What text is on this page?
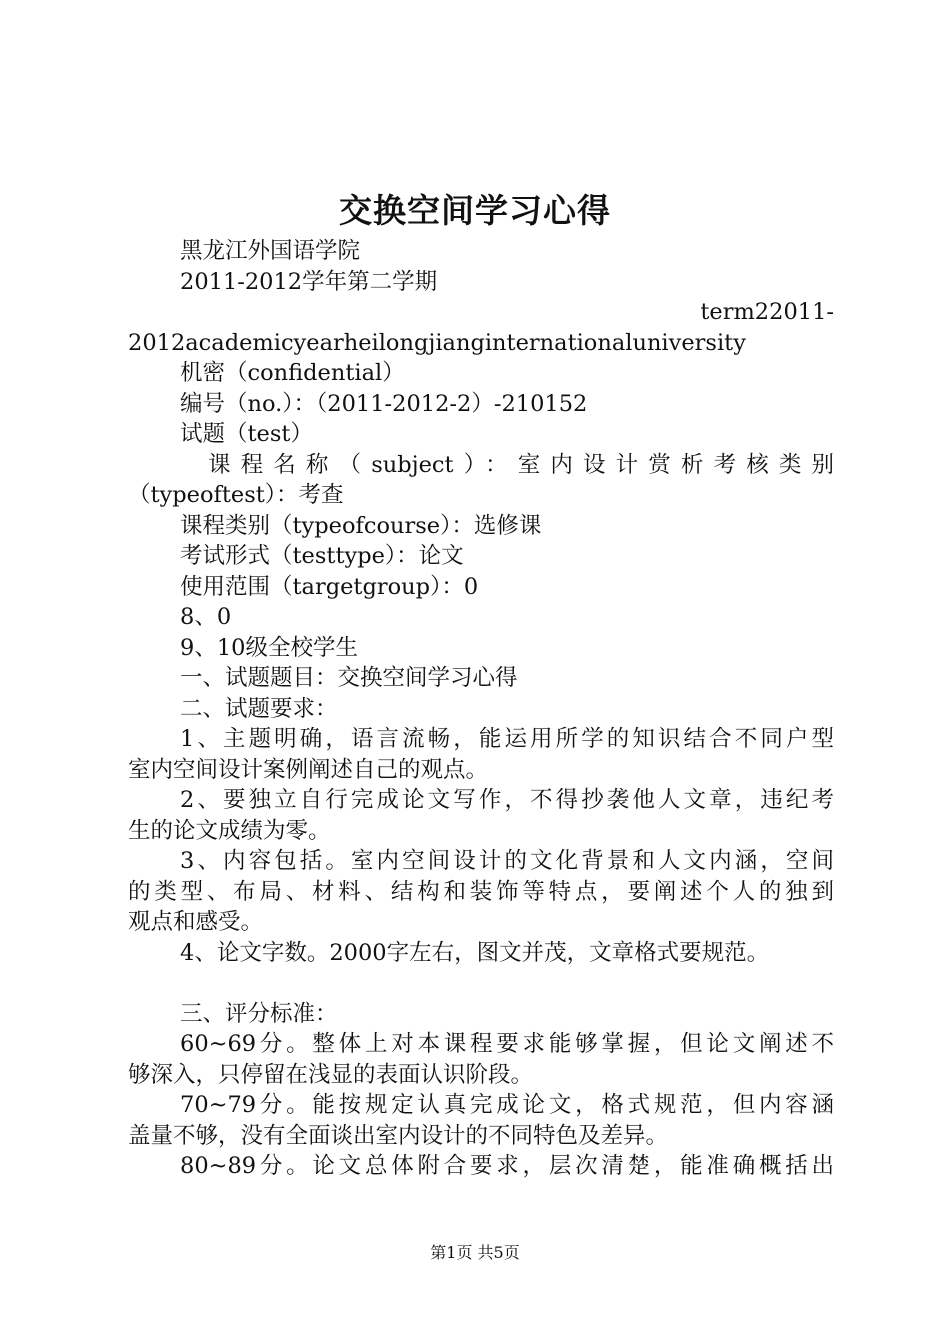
交换空间学习心得

黑龙江外国语学院

2011-2012学年第二学期

term22011-

2012academicyearheilongjianginternationaluniversity

机密（confidential）

编号（no.）：（2011-2012-2）-210152

试题（test）

课程名称（subject）：室内设计赏析考核类别

（typeoftest）：考查

课程类别（typeofcourse）：选修课

考试形式（testtype）：论文

使用范围（targetgroup）：0

8、0

9、10级全校学生

一、试题题目：交换空间学习心得

二、试题要求：

1、主题明确，语言流畅，能运用所学的知识结合不同户型

室内空间设计案例阐述自己的观点。

2、要独立自行完成论文写作，不得抄袭他人文章，违纪考

生的论文成绩为零。

3、内容包括。室内空间设计的文化背景和人文内涵，空间

的类型、布局、材料、结构和装饰等特点，要阐述个人的独到

观点和感受。

4、论文字数。2000字左右，图文并茂，文章格式要规范。

三、评分标准：

60~69分。整体上对本课程要求能够掌握，但论文阐述不

够深入，只停留在浅显的表面认识阶段。

70~79分。能按规定认真完成论文，格式规范，但内容涵

盖量不够，没有全面谈出室内设计的不同特色及差异。

80~89分。论文总体附合要求，层次清楚，能准确概括出

第1页 共5页
